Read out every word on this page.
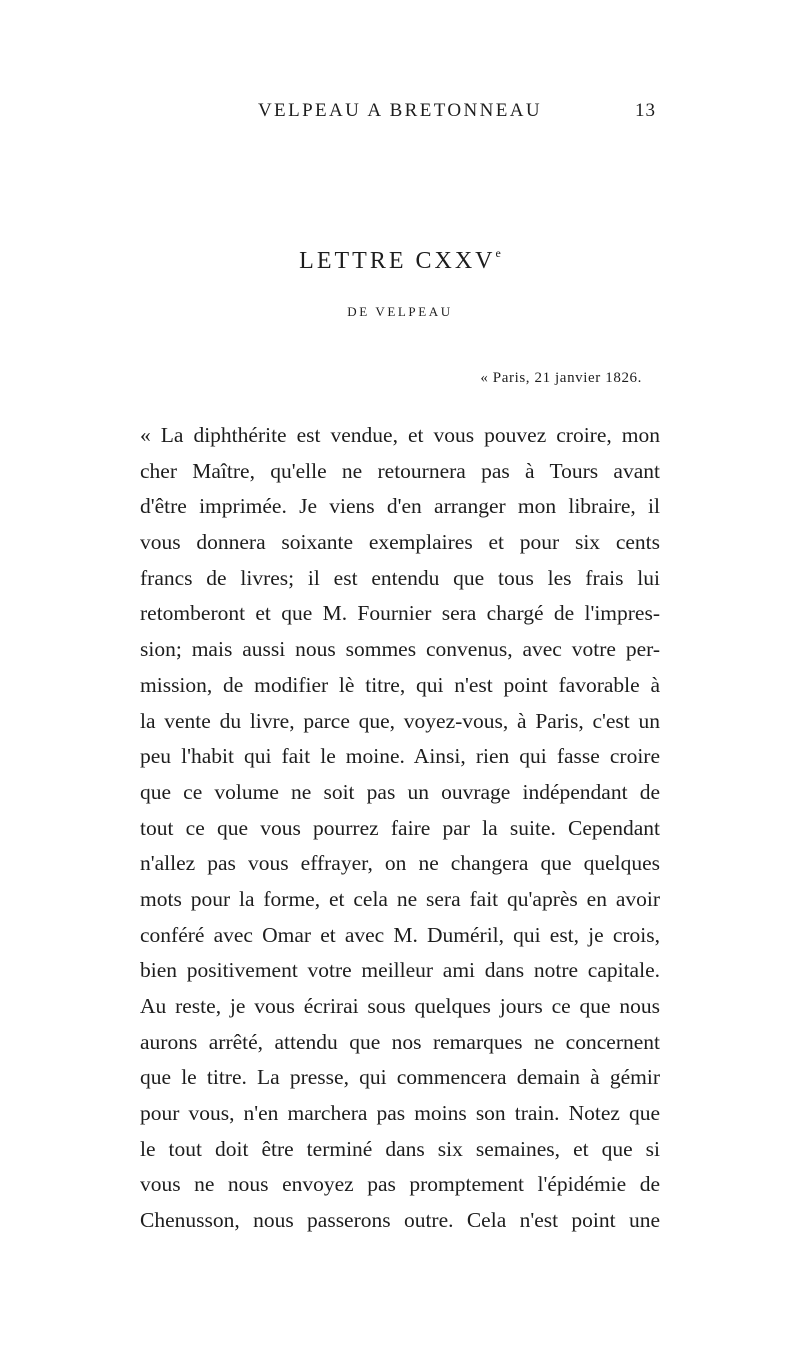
VELPEAU A BRETONNEAU	13
LETTRE CXXVe
DE VELPEAU
« Paris, 21 janvier 1826.
« La diphthérite est vendue, et vous pouvez croire, mon
cher Maître, qu'elle ne retournera pas à Tours avant
d'être imprimée. Je viens d'en arranger mon libraire, il
vous donnera soixante exemplaires et pour six cents
francs de livres; il est entendu que tous les frais lui
retomberont et que M. Fournier sera chargé de l'impres-
sion; mais aussi nous sommes convenus, avec votre per-
mission, de modifier lè titre, qui n'est point favorable à
la vente du livre, parce que, voyez-vous, à Paris, c'est un
peu l'habit qui fait le moine. Ainsi, rien qui fasse croire
que ce volume ne soit pas un ouvrage indépendant de
tout ce que vous pourrez faire par la suite. Cependant
n'allez pas vous effrayer, on ne changera que quelques
mots pour la forme, et cela ne sera fait qu'après en avoir
conféré avec Omar et avec M. Duméril, qui est, je crois,
bien positivement votre meilleur ami dans notre capitale.
Au reste, je vous écrirai sous quelques jours ce que nous
aurons arrêté, attendu que nos remarques ne concernent
que le titre. La presse, qui commencera demain à gémir
pour vous, n'en marchera pas moins son train. Notez que
le tout doit être terminé dans six semaines, et que si
vous ne nous envoyez pas promptement l'épidémie de
Chenusson, nous passerons outre. Cela n'est point une
